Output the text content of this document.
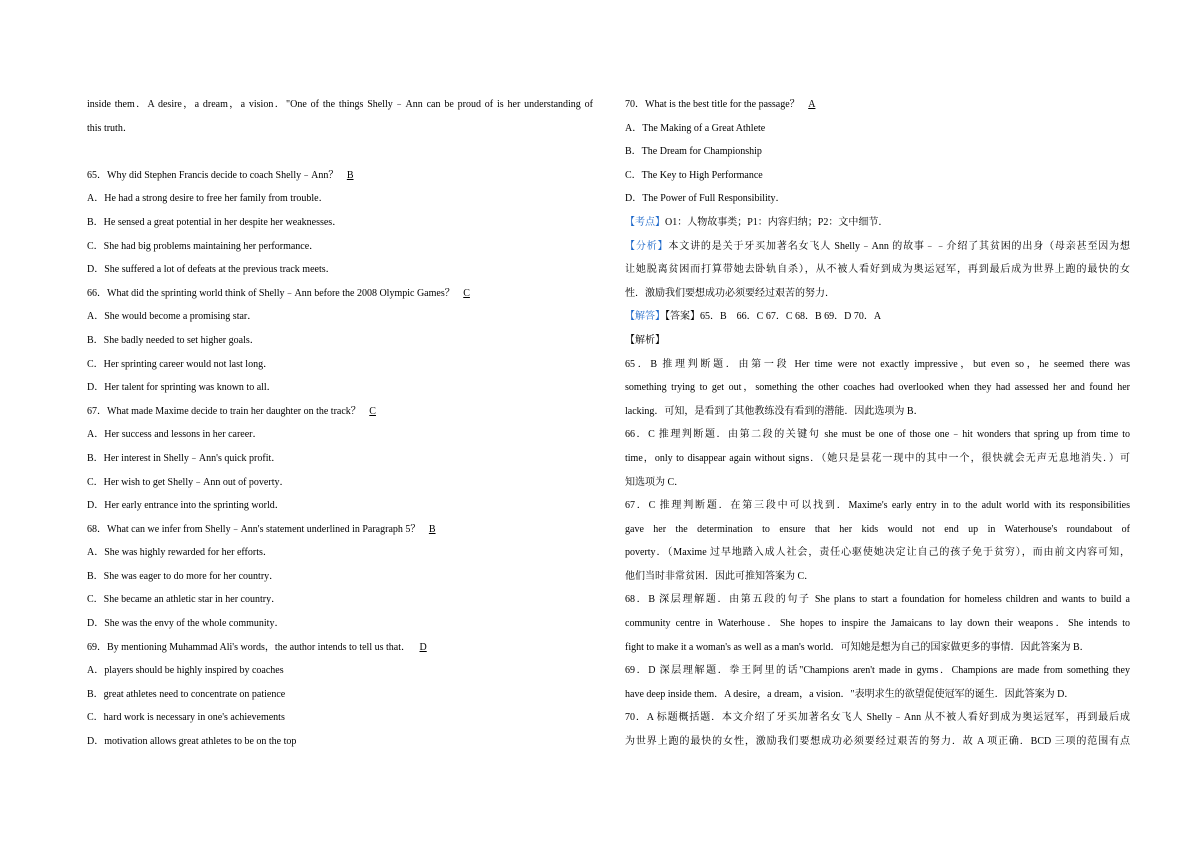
inside them．A desire，a dream，a vision．"One of the things Shelly﹣Ann can be proud of is her understanding of
this truth．
65．Why did Stephen Francis decide to coach Shelly﹣Ann？ B
A．He had a strong desire to free her family from trouble．
B．He sensed a great potential in her despite her weaknesses．
C．She had big problems maintaining her performance．
D．She suffered a lot of defeats at the previous track meets．
66．What did the sprinting world think of Shelly﹣Ann before the 2008 Olympic Games？ C
A．She would become a promising star．
B．She badly needed to set higher goals．
C．Her sprinting career would not last long．
D．Her talent for sprinting was known to all．
67．What made Maxime decide to train her daughter on the track？ C
A．Her success and lessons in her career．
B．Her interest in Shelly﹣Ann's quick profit．
C．Her wish to get Shelly﹣Ann out of poverty．
D．Her early entrance into the sprinting world．
68．What can we infer from Shelly﹣Ann's statement underlined in Paragraph 5？ B
A．She was highly rewarded for her efforts．
B．She was eager to do more for her country．
C．She became an athletic star in her country．
D．She was the envy of the whole community．
69．By mentioning Muhammad Ali's words，the author intends to tell us that． D
A．players should be highly inspired by coaches
B．great athletes need to concentrate on patience
C．hard work is necessary in one's achievements
D．motivation allows great athletes to be on the top
70．What is the best title for the passage？ A
A．The Making of a Great Athlete
B．The Dream for Championship
C．The Key to High Performance
D．The Power of Full Responsibility．
【考点】O1：人物故事类；P1：内容归纳；P2：文中细节．
【分析】本文讲的是关于牙买加著名女飞人 Shelly﹣Ann 的故事﹣﹣介绍了其贫困的出身（母亲甚至因为想
让她脱离贫困而打算带她去卧轨自杀），从不被人看好到成为奥运冠军，再到最后成为世界上跑的最快的女
性．激励我们要想成功必须要经过艰苦的努力．
【解答】【答案】65．B　66．C 67．C 68．B 69．D 70．A
【解析】
65．B 推理判断题．由第一段 Her time were not exactly impressive，but even so，he seemed there was
something trying to get out，something the other coaches had overlooked when they had assessed her and found her
lacking．可知，是看到了其他教练没有看到的潜能．因此选项为 B．
66．C 推理判断题．由第二段的关键句 she must be one of those one﹣hit wonders that spring up from time to
time，only to disappear again without signs．（她只是昙花一现中的其中一个，很快就会无声无息地消失．）可
知选项为 C．
67．C 推理判断题．在第三段中可以找到．Maxime's early entry in to the adult world with its responsibilities
gave her the determination to ensure that her kids would not end up in Waterhouse's roundabout of
poverty．（Maxime 过早地踏入成人社会，责任心驱使她决定让自己的孩子免于贫穷），而由前文内容可知，
他们当时非常贫困．因此可推知答案为 C．
68．B 深层理解题．由第五段的句子 She plans to start a foundation for homeless children and wants to build a
community centre in Waterhouse．She hopes to inspire the Jamaicans to lay down their weapons．She intends to
fight to make it a woman's as well as a man's world．可知她是想为自己的国家做更多的事情．因此答案为 B．
69．D 深层理解题．拳王阿里的话"Champions aren't made in gyms．Champions are made from something they
have deep inside them．A desire，a dream，a vision．"表明求生的欲望促使冠军的诞生．因此答案为 D．
70．A 标题概括题．本文介绍了牙买加著名女飞人 Shelly﹣Ann 从不被人看好到成为奥运冠军，再到最后成
为世界上跑的最快的女性，激励我们要想成功必须要经过艰苦的努力．故 A 项正确．BCD 三项的范围有点
